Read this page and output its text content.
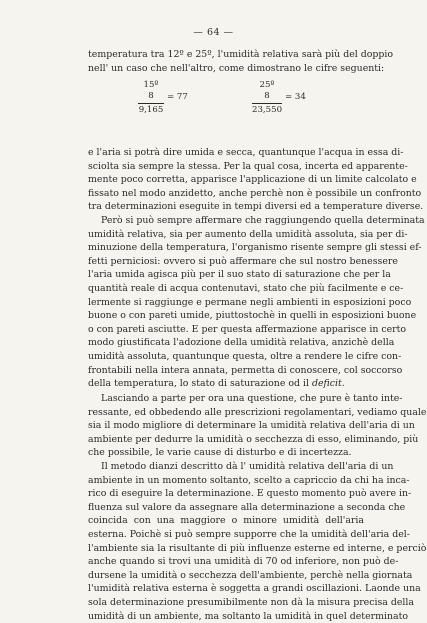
— 64 —
temperatura tra 12º e 25º, l'umidità relativa sarà più del doppio
nell' un caso che nell'altro, come dimostrano le cifre seguenti:
15º
8
9,165
= 77
25º
8
23,550
= 34
e l'aria si potrà dire umida e secca, quantunque l'acqua in essa di-
sciolta sia sempre la stessa. Per la qual cosa, incerta ed apparente-
mente poco corretta, apparisce l'applicazione di un limite calcolato e
fissato nel modo anzidetto, anche perchè non è possibile un confronto
tra determinazioni eseguite in tempi diversi ed a temperature diverse.
Però si può sempre affermare che raggiungendo quella determinata
umidità relativa, sia per aumento della umidità assoluta, sia per di-
minuzione della temperatura, l'organismo risente sempre gli stessi ef-
fetti perniciosi: ovvero si può affermare che sul nostro benessere
l'aria umida agisca più per il suo stato di saturazione che per la
quantità reale di acqua contenutavi, stato che più facilmente e ce-
lermente si raggiunge e permane negli ambienti in esposizioni poco
buone o con pareti umide, piuttostochè in quelli in esposizioni buone
o con pareti asciutte. E per questa affermazione apparisce in certo
modo giustificata l'adozione della umidità relativa, anzichè della
umidità assoluta, quantunque questa, oltre a rendere le cifre con-
frontabili nella intera annata, permetta di conoscere, col soccorso
della temperatura, lo stato di saturazione od il deficit.
Lasciando a parte per ora una questione, che pure è tanto inte-
ressante, ed obbedendo alle prescrizioni regolamentari, vediamo quale
sia il modo migliore di determinare la umidità relativa dell'aria di un
ambiente per dedurre la umidità o secchezza di esso, eliminando, più
che possibile, le varie cause di disturbo e di incertezza.
Il metodo dianzi descritto dà l' umidità relativa dell'aria di un
ambiente in un momento soltanto, scelto a capriccio da chi ha inca-
rico di eseguire la determinazione. E questo momento può avere in-
fluenza sul valore da assegnare alla determinazione a seconda che
coincida con una maggiore o minore umidità dell'aria
esterna. Poichè si può sempre supporre che la umidità dell'aria del-
l'ambiente sia la risultante di più influenze esterne ed interne, e perciò
anche quando si trovi una umidità di 70 od inferiore, non può de-
dursene la umidità o secchezza dell'ambiente, perchè nella giornata
l'umidità relativa esterna è soggetta a grandi oscillazioni. Laonde una
sola determinazione presumibilmente non dà la misura precisa della
umidità di un ambiente, ma soltanto la umidità in quel determinato
